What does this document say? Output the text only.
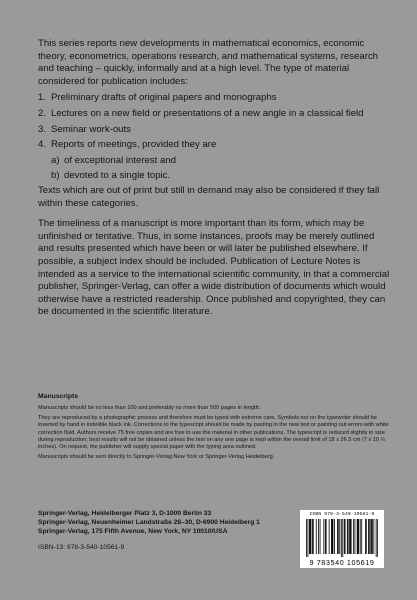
This series reports new developments in mathematical economics, economic theory, econometrics, operations research, and mathematical systems, research and teaching – quickly, informally and at a high level. The type of material considered for publication includes:

1. Preliminary drafts of original papers and monographs
2. Lectures on a new field or presentations of a new angle in a classical field
3. Seminar work-outs
4. Reports of meetings, provided they are
a) of exceptional interest and
b) devoted to a single topic.

Texts which are out of print but still in demand may also be considered if they fall within these categories.

The timeliness of a manuscript is more important than its form, which may be unfinished or tentative. Thus, in some instances, proofs may be merely outlined and results presented which have been or will later be published elsewhere. If possible, a subject index should be included. Publication of Lecture Notes is intended as a service to the international scientific community, in that a commercial publisher, Springer-Verlag, can offer a wide distribution of documents which would otherwise have a restricted readership. Once published and copyrighted, they can be documented in the scientific literature.

Manuscripts

Manuscripts should be no less than 100 and preferably no more than 500 pages in length.

They are reproduced by a photographic process and therefore must be typed with extreme care. Symbols not on the typewriter should be inserted by hand in indelible black ink. Corrections to the typescript should be made by pasting in the new text or painting out errors with white correction fluid. Authors receive 75 free copies and are free to use the material in other publications. The typescript is reduced slightly in size during reproduction; best results will not be obtained unless the text on any one page is kept within the overall limit of 18 x 26.5 cm (7 x 10 ½ inches). On request, the publisher will supply special paper with the typing area outlined.

Manuscripts should be sent directly to Springer-Verlag New York or Springer-Verlag Heidelberg.

Springer-Verlag, Heidelberger Platz 3, D-1000 Berlin 33
Springer-Verlag, Neuenheimer Landstraße 28–30, D-6900 Heidelberg 1
Springer-Verlag, 175 Fifth Avenue, New York, NY 10010/USA
ISBN-13: 978-3-540-10561-9
ISBN 978-3-540-10561-9
9 783540 105619
